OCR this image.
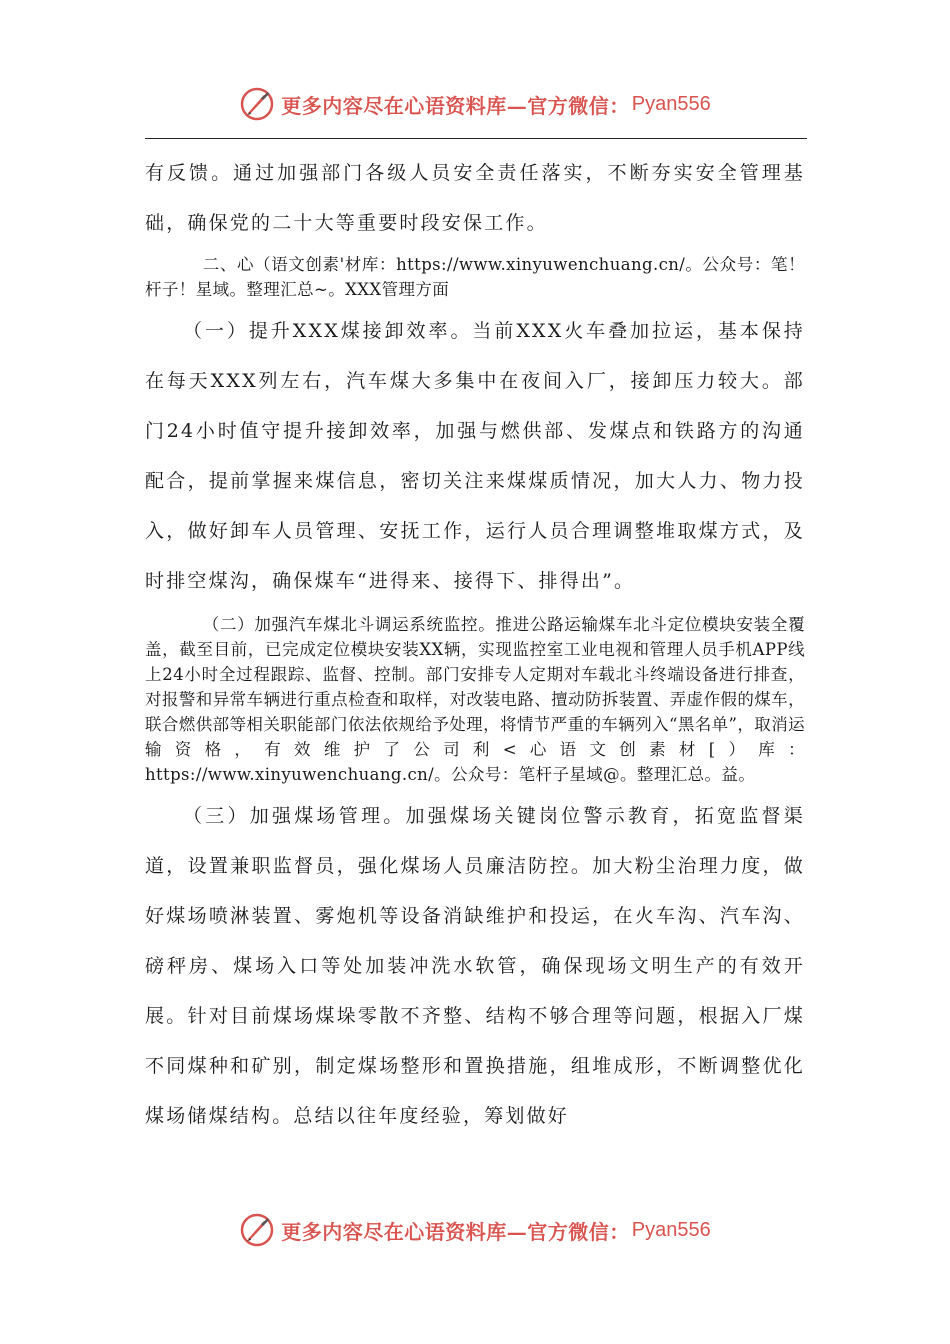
更多内容尽在心语资料库—官方微信： Pyan556

有反馈。通过加强部门各级人员安全责任落实，不断夯实安全管理基础，确保党的二十大等重要时段安保工作。

二、心（语文创素'材库：https://www.xinyuwenchuang.cn/。公众号：笔！杆子！星域。整理汇总~。XXX管理方面

（一）提升XXX煤接卸效率。当前XXX火车叠加拉运，基本保持在每天XXX列左右，汽车煤大多集中在夜间入厂，接卸压力较大。部门24小时值守提升接卸效率，加强与燃供部、发煤点和铁路方的沟通配合，提前掌握来煤信息，密切关注来煤煤质情况，加大人力、物力投入，做好卸车人员管理、安抚工作，运行人员合理调整堆取煤方式，及时排空煤沟，确保煤车“进得来、接得下、排得出”。

（二）加强汽车煤北斗调运系统监控。推进公路运输煤车北斗定位模块安装全覆盖，截至目前，已完成定位模块安装XX辆，实现监控室工业电视和管理人员手机APP线上24小时全过程跟踪、监督、控制。部门安排专人定期对车载北斗终端设备进行排查，对报警和异常车辆进行重点检查和取样，对改装电路、擅动防拆装置、弄虚作假的煤车，联合燃供部等相关职能部门依法依规给予处理，将情节严重的车辆列入“黑名单”，取消运输资格，有效维护了公司利<心语文创素材[）库：https://www.xinyuwenchuang.cn/。公众号：笔杆子星域@。整理汇总。益。

（三）加强煤场管理。加强煤场关键岗位警示教育，拓宽监督渠道，设置兼职监督员，强化煤场人员廉洁防控。加大粉尘治理力度，做好煤场喷淋装置、雾炮机等设备消缺维护和投运，在火车沟、汽车沟、磅秤房、煤场入口等处加装冲洗水软管，确保现场文明生产的有效开展。针对目前煤场煤垛零散不齐整、结构不够合理等问题，根据入厂煤不同煤种和矿别，制定煤场整形和置换措施，组堆成形，不断调整优化煤场储煤结构。总结以往年度经验，筹划做好

更多内容尽在心语资料库—官方微信： Pyan556
